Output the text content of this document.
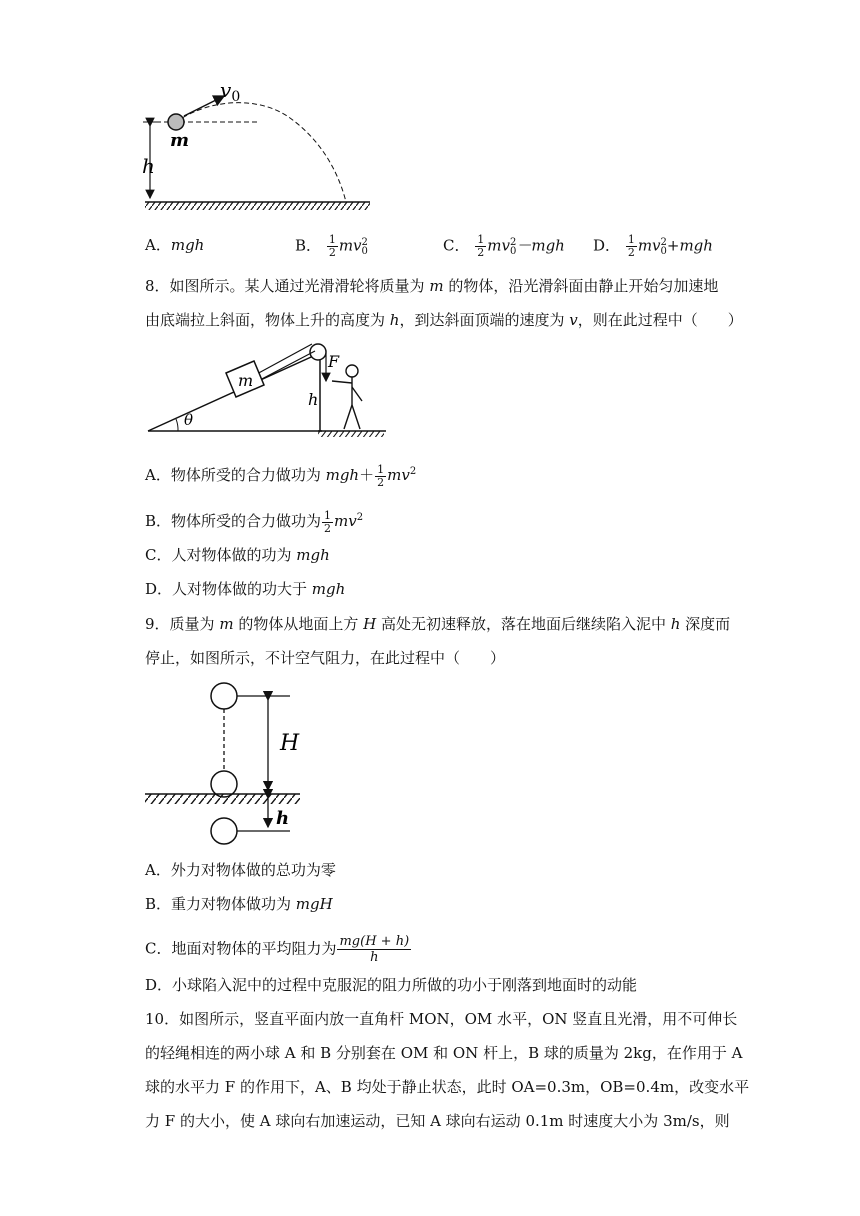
$v_0$
m
h
A．mgh	B． $\frac{1}{2}$ mv 2
0	C． $\frac{1}{2}$ mv 2
0 －mgh D． $\frac{1}{2}$ mv 2
0 +mgh
8．如图所示。某人通过光滑滑轮将质量为 m 的物体，沿光滑斜面由静止开始匀加速地
由底端拉上斜面，物体上升的高度为 h，到达斜面顶端的速度为 v，则在此过程中（　　）
m
F
h
θ
A．物体所受的合力做功为 $mgh+ \frac{1}{2} mv^2$
B．物体所受的合力做功为 $\frac{1}{2} mv^2$
C．人对物体做的功为 mgh
D．人对物体做的功大于 mgh
9．质量为 m 的物体从地面上方 H 高处无初速释放，落在地面后继续陷入泥中 h 深度而
停止，如图所示，不计空气阻力，在此过程中（　　）
H
h
A．外力对物体做的总功为零
B．重力对物体做功为 mgH
C．地面对物体的平均阻力为 $\frac{mg(H + h)}{h}$
D．小球陷入泥中的过程中克服泥的阻力所做的功小于刚落到地面时的动能
10．如图所示，竖直平面内放一直角杆 MON，OM 水平，ON 竖直且光滑，用不可伸长
的轻绳相连的两小球 A 和 B 分别套在 OM 和 ON 杆上，B 球的质量为 2kg，在作用于 A
球的水平力 F 的作用下，A、B 均处于静止状态，此时 OA=0.3m，OB=0.4m，改变水平
力 F 的大小，使 A 球向右加速运动，已知 A 球向右运动 0.1m 时速度大小为 3m/s，则
